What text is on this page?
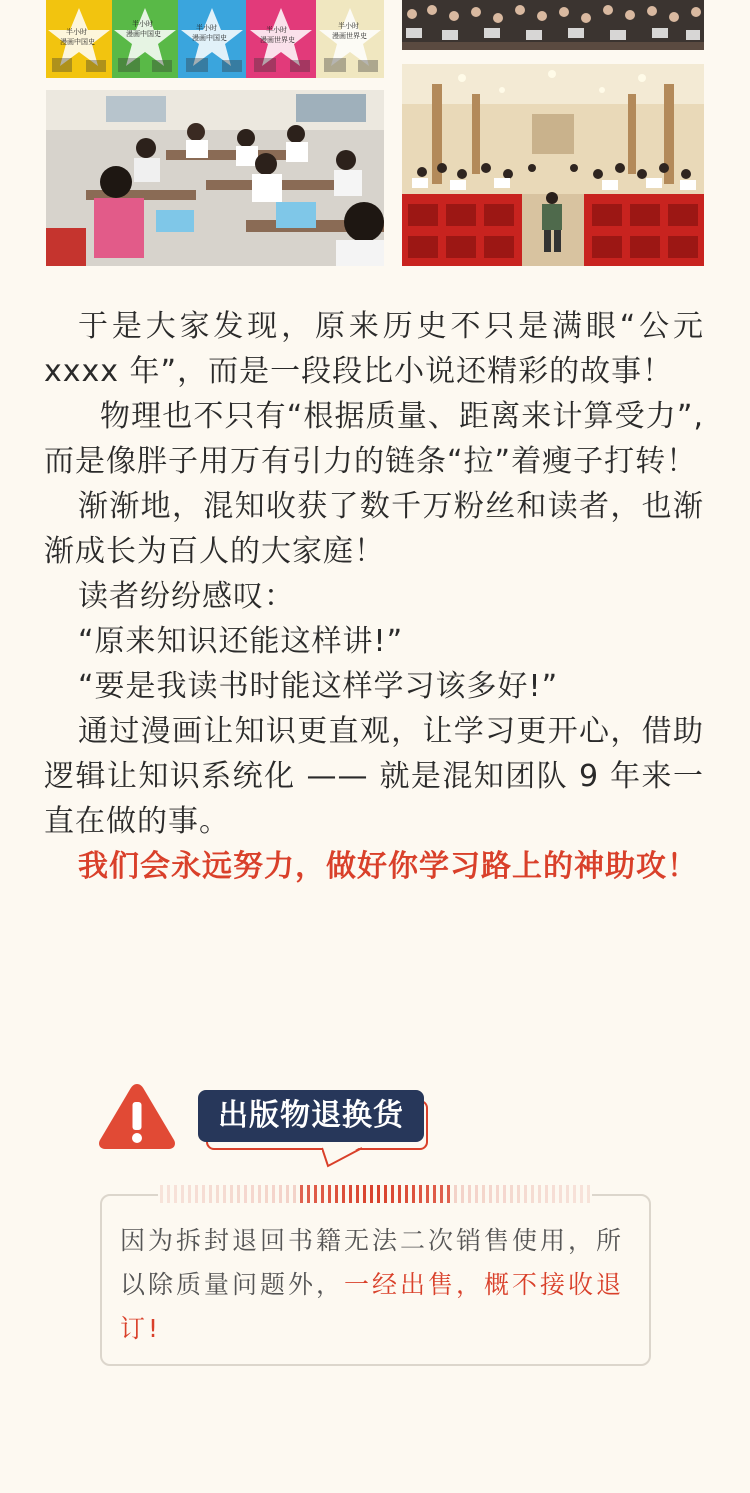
半小时
漫画中国史
半小时
漫画中国史
半小时
漫画中国史
半小时
漫画世界史
半小时
漫画世界史

于是大家发现，原来历史不只是满眼“公元 xxxx 年”，而是一段段比小说还精彩的故事！

物理也不只有“根据质量、距离来计算受力”,而是像胖子用万有引力的链条“拉”着瘦子打转！

渐渐地，混知收获了数千万粉丝和读者，也渐渐成长为百人的大家庭！

读者纷纷感叹：

“原来知识还能这样讲!”

“要是我读书时能这样学习该多好!”

通过漫画让知识更直观，让学习更开心，借助逻辑让知识系统化 —— 就是混知团队 9 年来一直在做的事。

我们会永远努力，做好你学习路上的神助攻！

出版物退换货
因为拆封退回书籍无法二次销售使用，所以除质量问题外，一经出售，概不接收退订!
